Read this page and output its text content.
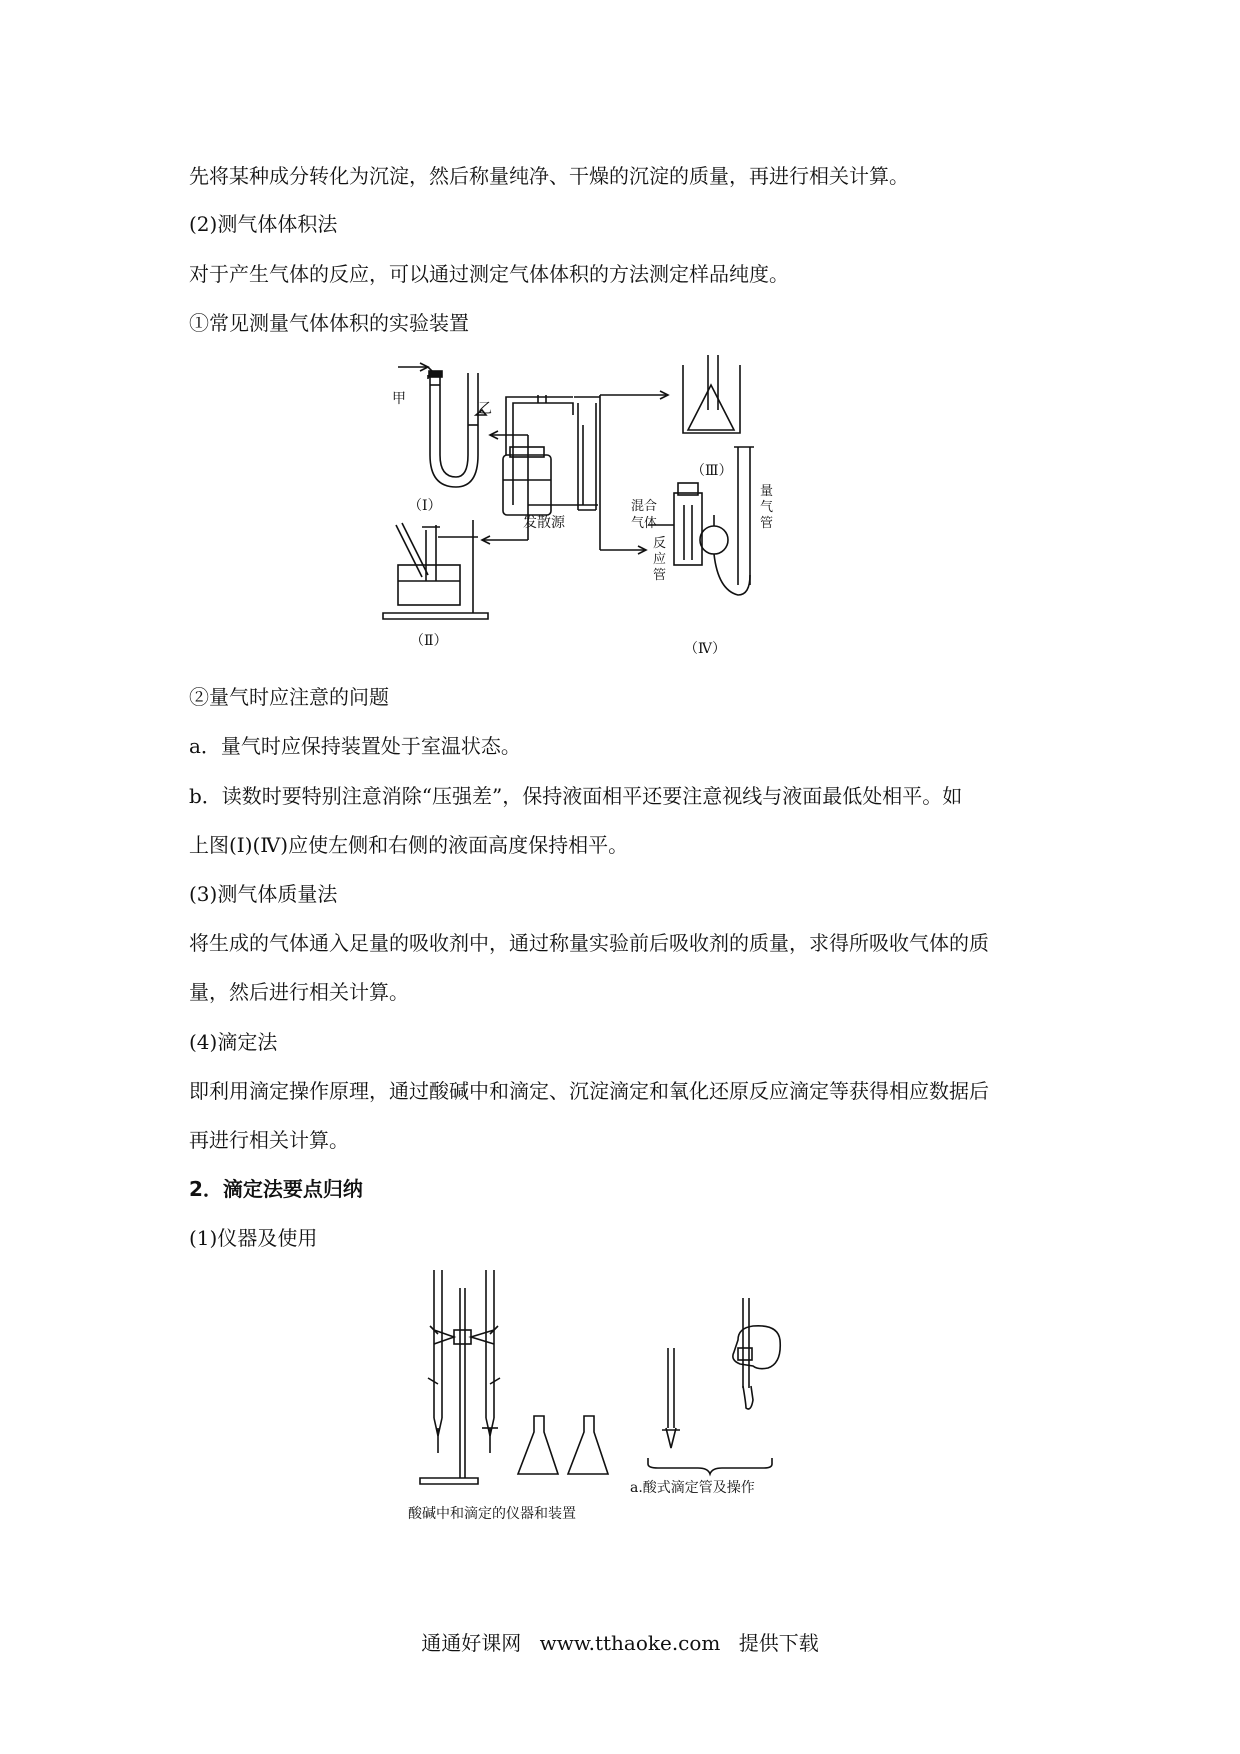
先将某种成分转化为沉淀，然后称量纯净、干燥的沉淀的质量，再进行相关计算。
(2)测气体体积法
对于产生气体的反应，可以通过测定气体体积的方法测定样品纯度。
①常见测量气体体积的实验装置
甲
乙
（Ⅰ）
（Ⅱ）
发散源
（Ⅲ）
混合
气体
反
应
管
量
气
管
（Ⅳ）
②量气时应注意的问题
a．量气时应保持装置处于室温状态。
b．读数时要特别注意消除“压强差”，保持液面相平还要注意视线与液面最低处相平。如
上图(Ⅰ)(Ⅳ)应使左侧和右侧的液面高度保持相平。
(3)测气体质量法
将生成的气体通入足量的吸收剂中，通过称量实验前后吸收剂的质量，求得所吸收气体的质
量，然后进行相关计算。
(4)滴定法
即利用滴定操作原理，通过酸碱中和滴定、沉淀滴定和氧化还原反应滴定等获得相应数据后
再进行相关计算。
2．滴定法要点归纳
(1)仪器及使用
酸碱中和滴定的仪器和装置
a.酸式滴定管及操作
通通好课网 www.tthaoke.com 提供下载
